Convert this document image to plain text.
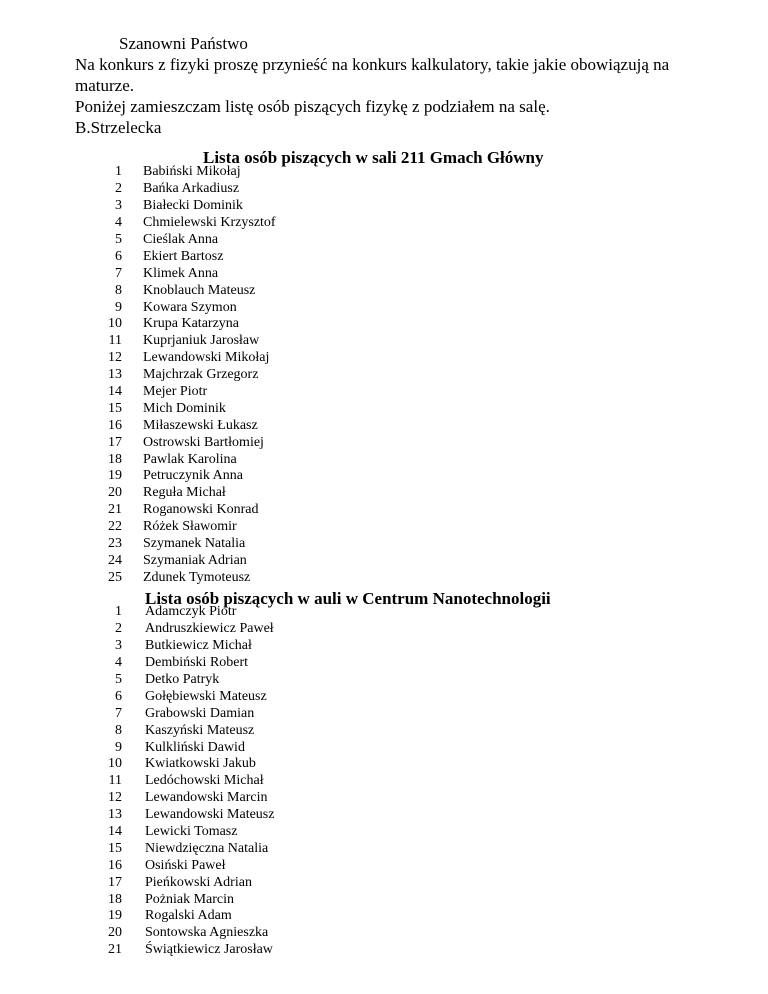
Szanowni Państwo
Na konkurs z fizyki proszę przynieść na konkurs kalkulatory, takie jakie obowiązują na maturze.
Poniżej zamieszczam listę osób piszących fizykę z podziałem na salę.
B.Strzelecka
Lista osób piszących w sali 211 Gmach Główny
1 Babiński Mikołaj
2 Bańka Arkadiusz
3 Białecki Dominik
4 Chmielewski Krzysztof
5 Cieślak Anna
6 Ekiert Bartosz
7 Klimek Anna
8 Knoblauch Mateusz
9 Kowara Szymon
10 Krupa Katarzyna
11 Kuprjaniuk Jarosław
12 Lewandowski Mikołaj
13 Majchrzak Grzegorz
14 Mejer Piotr
15 Mich Dominik
16 Miłaszewski Łukasz
17 Ostrowski Bartłomiej
18 Pawlak Karolina
19 Petruczynik Anna
20 Reguła Michał
21 Roganowski Konrad
22 Różek Sławomir
23 Szymanek Natalia
24 Szymaniak Adrian
25 Zdunek Tymoteusz
Lista osób piszących w auli w Centrum Nanotechnologii
1 Adamczyk Piotr
2 Andruszkiewicz Paweł
3 Butkiewicz Michał
4 Dembiński Robert
5 Detko Patryk
6 Gołębiewski Mateusz
7 Grabowski Damian
8 Kaszyński Mateusz
9 Kulkliński Dawid
10 Kwiatkowski Jakub
11 Ledóchowski Michał
12 Lewandowski Marcin
13 Lewandowski Mateusz
14 Lewicki Tomasz
15 Niewdzięczna Natalia
16 Osiński Paweł
17 Pieńkowski Adrian
18 Pożniak Marcin
19 Rogalski Adam
20 Sontowska Agnieszka
21 Świątkiewicz Jarosław
